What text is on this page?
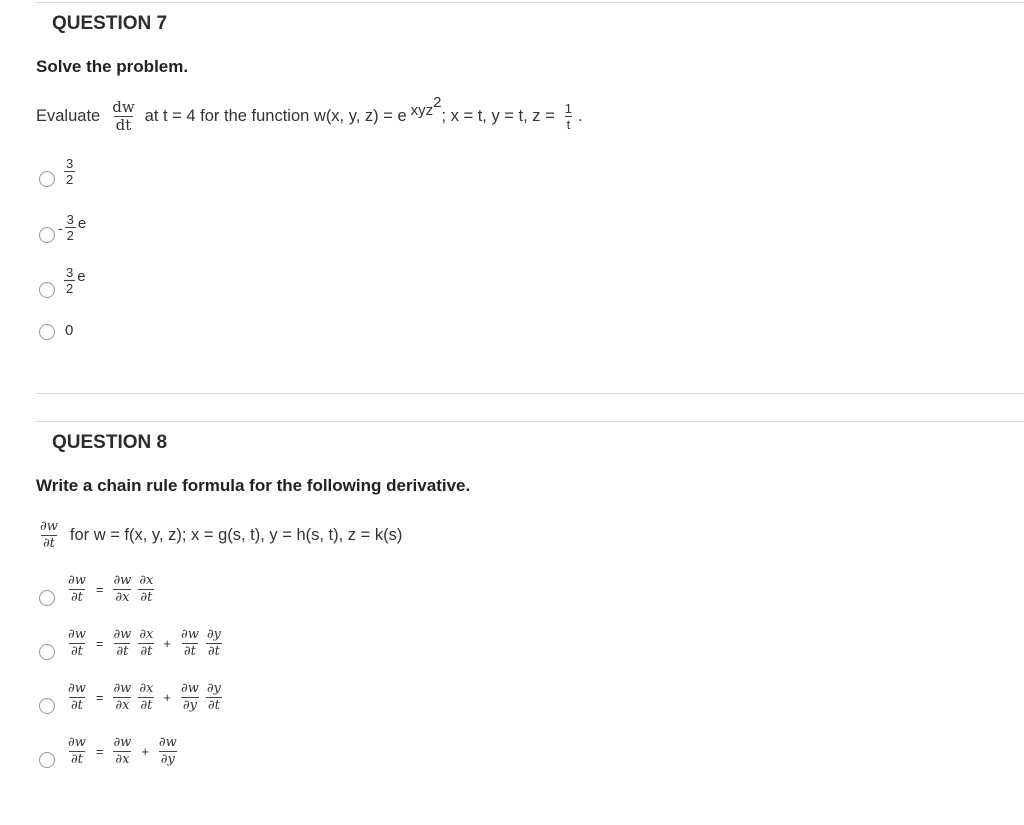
QUESTION 7
Solve the problem.
Evaluate $\frac{dw}{dt}$ at t = 4 for the function w(x, y, z) = e xyz$^2$
; x = t, y = t, $z = \frac{1}{t}$ .
$\frac{3}{2}$
- $\frac{3}{2}$ e
$\frac{3}{2}$ e
0
QUESTION 8
Write a chain rule formula for the following derivative.
$\frac{\partial w}{\partial t}$ for w = f(x, y, z); x = g(s, t), y = h(s, t), z = k(s)
$\frac{\partial w}{\partial t} = \frac{\partial w}{\partial x} \frac{\partial x}{\partial t}$
$\frac{\partial w}{\partial t} = \frac{\partial w}{\partial t} \frac{\partial x}{\partial t} + \frac{\partial w}{\partial t} \frac{\partial y}{\partial t}$
$\frac{\partial w}{\partial t} = \frac{\partial w}{\partial x} \frac{\partial x}{\partial t} + \frac{\partial w}{\partial y} \frac{\partial y}{\partial t}$
$\frac{\partial w}{\partial t} = \frac{\partial w}{\partial x} + \frac{\partial w}{\partial y}$
